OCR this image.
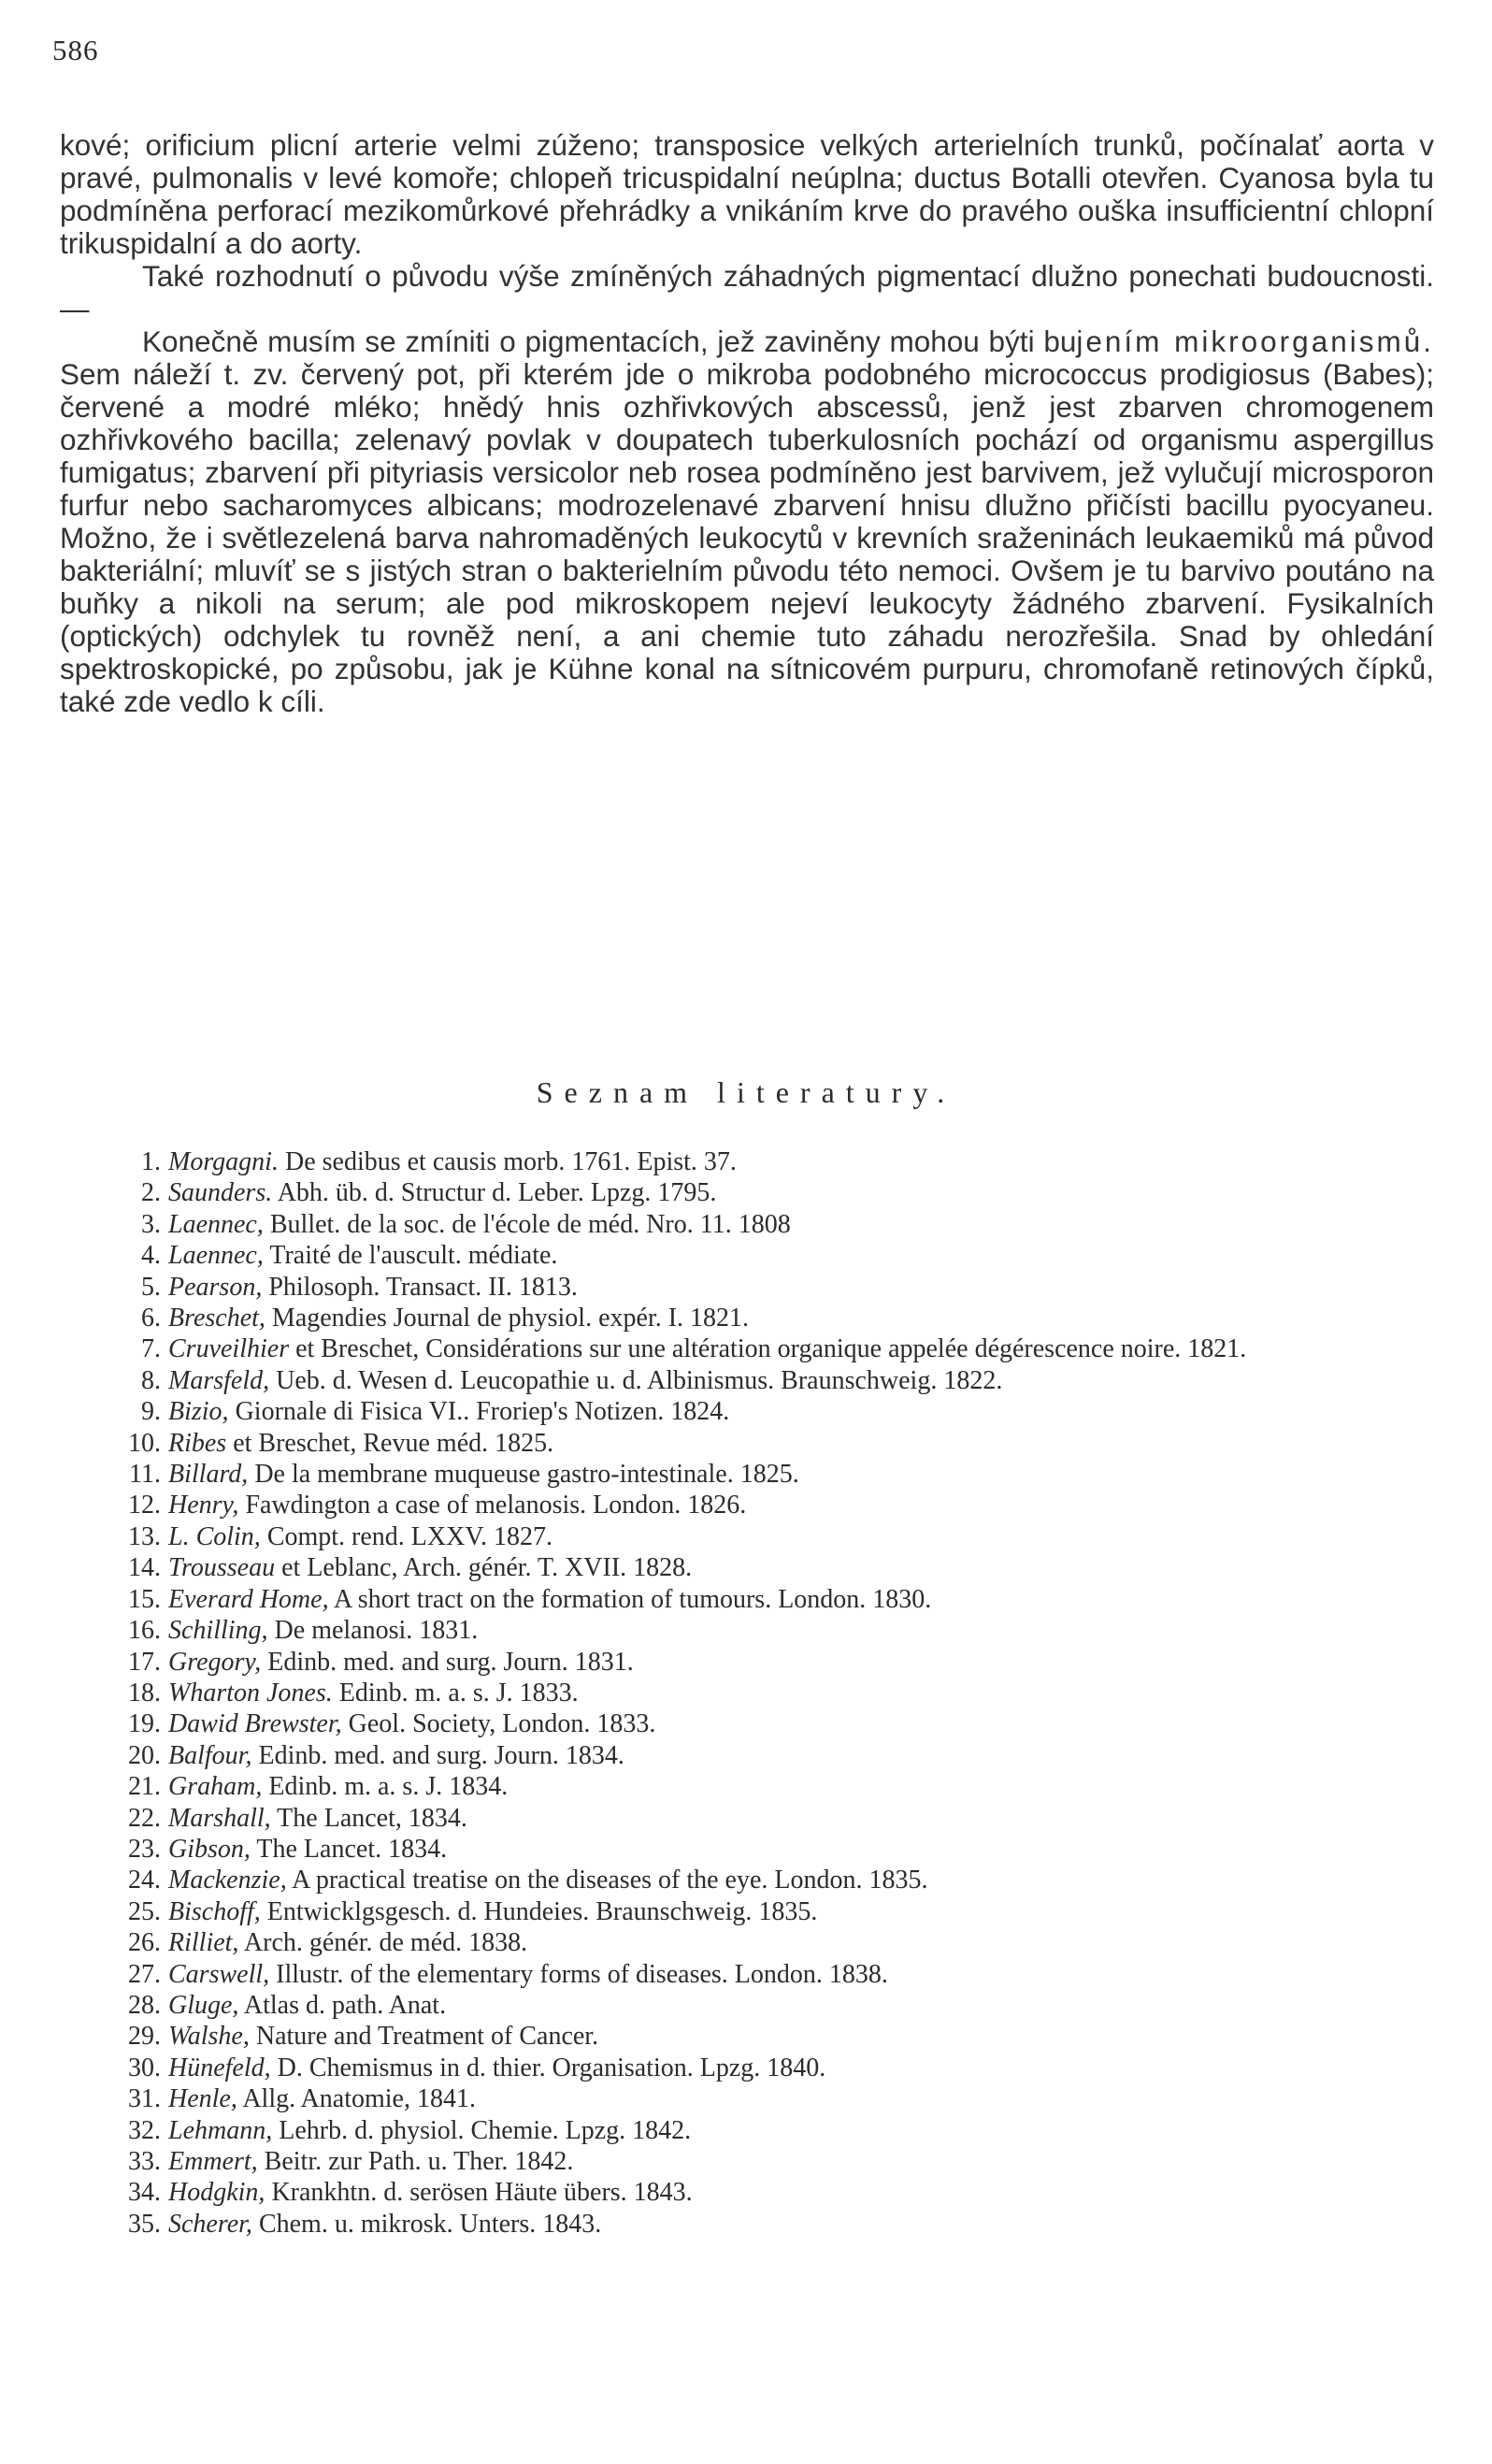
586

kové; orificium plicní arterie velmi zúženo; transposice velkých arterielních trunků, počínalať aorta v pravé, pulmonalis v levé komoře; chlopeň tricuspidalní neúplna; ductus Botalli otevřen. Cyanosa byla tu podmíněna perforací mezikomůrkové přehrádky a vnikáním krve do pravého ouška insufficientní chlopní trikuspidalní a do aorty.

Také rozhodnutí o původu výše zmíněných záhadných pigmentací dlužno ponechati budoucnosti. —

Konečně musím se zmíniti o pigmentacích, jež zaviněny mohou býti bujením mikroorganismů. Sem náleží t. zv. červený pot, při kterém jde o mikroba podobného micrococcus prodigiosus (Babes); červené a modré mléko; hnědý hnis ozhřivkových abscessů, jenž jest zbarven chromogenem ozhřivkového bacilla; zelenavý povlak v doupatech tuberkulosních pochází od organismu aspergillus fumigatus; zbarvení při pityriasis versicolor neb rosea podmíněno jest barvivem, jež vylučují microsporon furfur nebo sacharomyces albicans; modrozelenavé zbarvení hnisu dlužno přičísti bacillu pyocyaneu. Možno, že i světlezelená barva nahromaděných leukocytů v krevních sraženinách leukaemiků má původ bakteriální; mluvíť se s jistých stran o bakterielním původu této nemoci. Ovšem je tu barvivo poutáno na buňky a nikoli na serum; ale pod mikroskopem nejeví leukocyty žádného zbarvení. Fysikalních (optických) odchylek tu rovněž není, a ani chemie tuto záhadu nerozřešila. Snad by ohledání spektroskopické, po způsobu, jak je Kühne konal na sítnicovém purpuru, chromofaně retinových čípků, také zde vedlo k cíli.

Seznam literatury.
1. Morgagni. De sedibus et causis morb. 1761. Epist. 37.
2. Saunders. Abh. üb. d. Structur d. Leber. Lpzg. 1795.
3. Laennec, Bullet. de la soc. de l'école de méd. Nro. 11. 1808
4. Laennec, Traité de l'auscult. médiate.
5. Pearson, Philosoph. Transact. II. 1813.
6. Breschet, Magendies Journal de physiol. expér. I. 1821.
7. Cruveilhier et Breschet, Considérations sur une altération organique appelée dégérescence noire. 1821.
8. Marsfeld, Ueb. d. Wesen d. Leucopathie u. d. Albinismus. Braunschweig. 1822.
9. Bizio, Giornale di Fisica VI.. Froriep's Notizen. 1824.
10. Ribes et Breschet, Revue méd. 1825.
11. Billard, De la membrane muqueuse gastro-intestinale. 1825.
12. Henry, Fawdington a case of melanosis. London. 1826.
13. L. Colin, Compt. rend. LXXV. 1827.
14. Trousseau et Leblanc, Arch. génér. T. XVII. 1828.
15. Everard Home, A short tract on the formation of tumours. London. 1830.
16. Schilling, De melanosi. 1831.
17. Gregory, Edinb. med. and surg. Journ. 1831.
18. Wharton Jones. Edinb. m. a. s. J. 1833.
19. Dawid Brewster, Geol. Society, London. 1833.
20. Balfour, Edinb. med. and surg. Journ. 1834.
21. Graham, Edinb. m. a. s. J. 1834.
22. Marshall, The Lancet, 1834.
23. Gibson, The Lancet. 1834.
24. Mackenzie, A practical treatise on the diseases of the eye. London. 1835.
25. Bischoff, Entwicklgsgesch. d. Hundeies. Braunschweig. 1835.
26. Rilliet, Arch. génér. de méd. 1838.
27. Carswell, Illustr. of the elementary forms of diseases. London. 1838.
28. Gluge, Atlas d. path. Anat.
29. Walshe, Nature and Treatment of Cancer.
30. Hünefeld, D. Chemismus in d. thier. Organisation. Lpzg. 1840.
31. Henle, Allg. Anatomie, 1841.
32. Lehmann, Lehrb. d. physiol. Chemie. Lpzg. 1842.
33. Emmert, Beitr. zur Path. u. Ther. 1842.
34. Hodgkin, Krankhtn. d. serösen Häute übers. 1843.
35. Scherer, Chem. u. mikrosk. Unters. 1843.
